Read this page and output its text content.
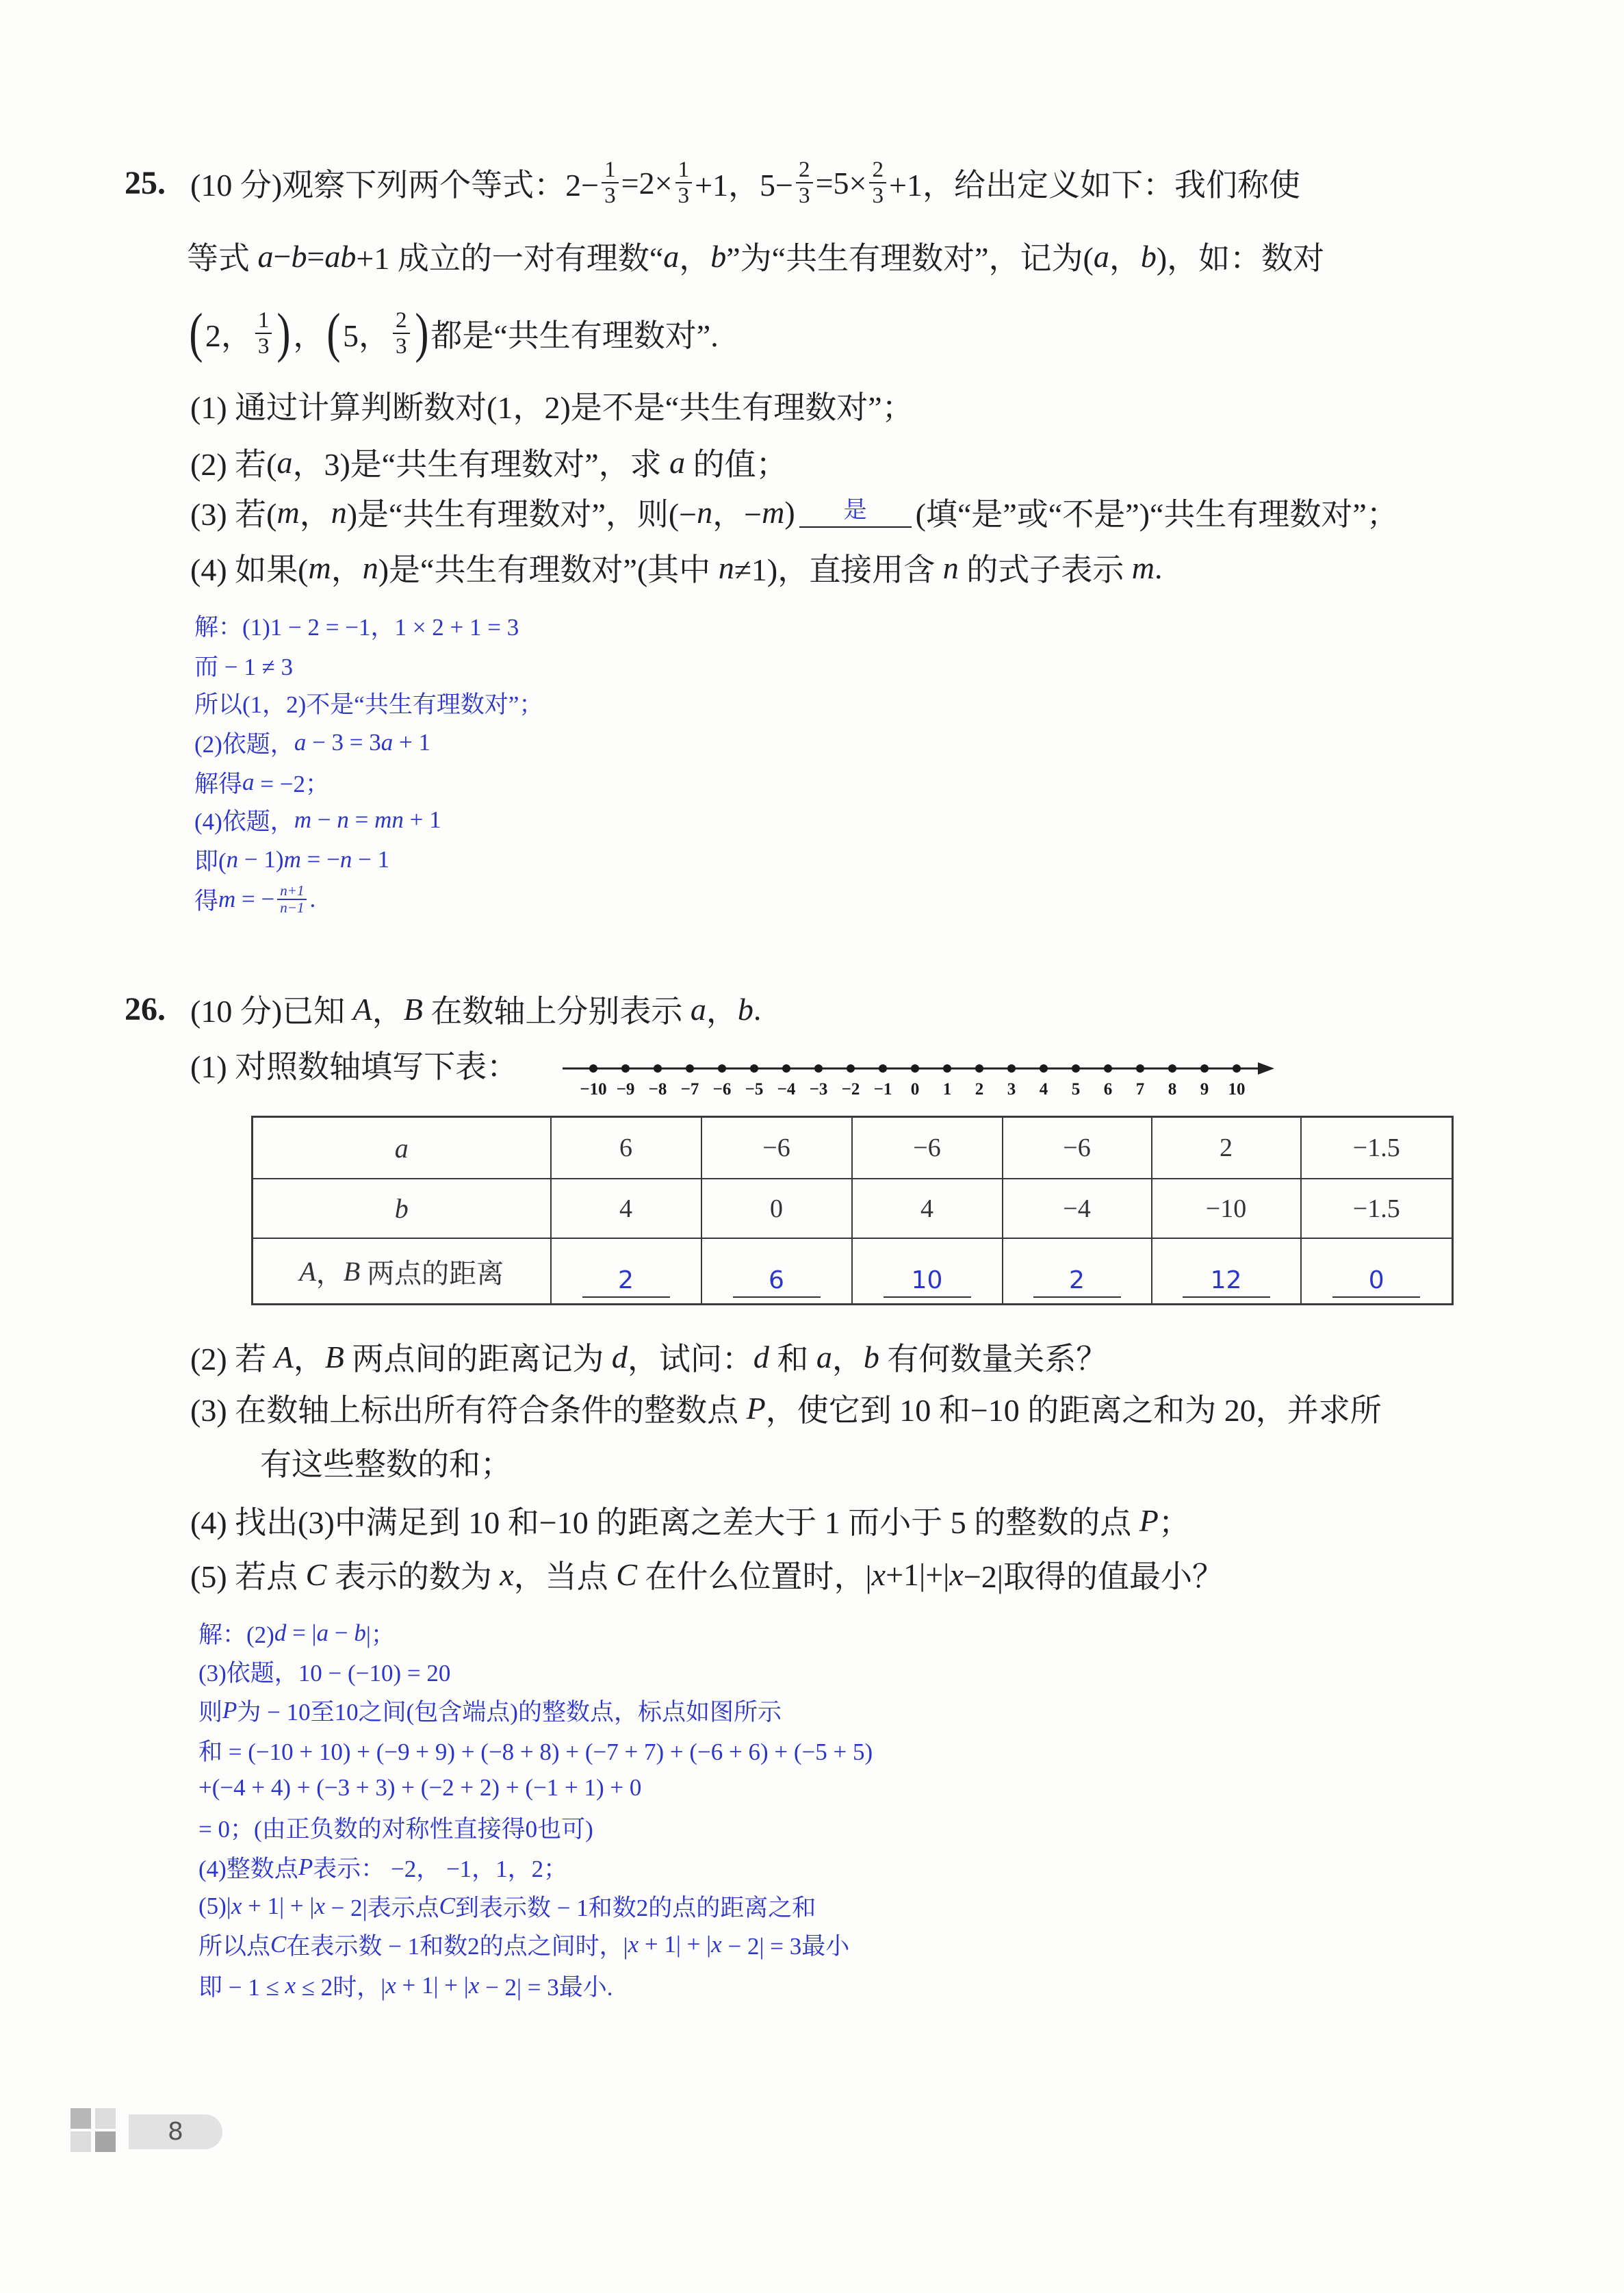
25. (10 分)观察下列两个等式：$2- \frac{1}{3} =2\times \frac{1}{3} +1$，$5- \frac{2}{3} =5\times \frac{2}{3} +1$，给出定义如下：我们称使
等式 a − b = ab +1 成立的一对有理数“ a ， b ”为“共生有理数对”，记为( a ， b )，如：数对
( 2， $\frac{1}{3}$ ) ， ( 5， $\frac{2}{3}$ ) 都是“共生有理数对”.
(1) 通过计算判断数对(1，2)是不是“共生有理数对”；
(2) 若( a ，3)是“共生有理数对”，求 a 的值；
(3) 若( m ， n )是“共生有理数对”，则(− n ，− m )	是	(填“是”或“不是”)“共生有理数对”；
(4) 如果( m ， n )是“共生有理数对”(其中 n ≠1)，直接用含 n 的式子表示 m .
解：(1)1 − 2 = −1，1 × 2 + 1 = 3
而 − 1 ≠ 3
所以(1，2)不是“共生有理数对”；
(2)依题， a − 3 = 3 a + 1
解得 a = −2；
(4)依题， m − n = mn + 1
即( n − 1) m = − n − 1
得 m = − $\frac{n+1}{n-1}$ .
26. (10 分)已知 A ， B 在数轴上分别表示 a ， b .
(1) 对照数轴填写下表：
−10 −9 −8 −7 −6 −5 −4 −3 −2 −1 0 1 2 3 4 5 6 7 8 9 10
a	6	−6	−6	−6	2	−1.5

b	4	0	4	−4	−10	−1.5

A ， B 两点的距离	2	6	10	2	12	0
(2) 若 A ， B 两点间的距离记为 d ，试问： d 和 a ， b 有何数量关系？
(3) 在数轴上标出所有符合条件的整数点 P ，使它到 10 和−10 的距离之和为 20，并求所
有这些整数的和；
(4) 找出(3)中满足到 10 和−10 的距离之差大于 1 而小于 5 的整数的点 P ；
(5) 若点 C 表示的数为 x ，当点 C 在什么位置时，| x +1|+| x −2|取得的值最小？
解：(2) d = | a − b |；
(3)依题，10 − (−10) = 20
则 P 为 − 10至10之间(包含端点)的整数点，标点如图所示
和 = (−10 + 10) + (−9 + 9) + (−8 + 8) + (−7 + 7) + (−6 + 6) + (−5 + 5)
+(−4 + 4) + (−3 + 3) + (−2 + 2) + (−1 + 1) + 0
= 0；(由正负数的对称性直接得0也可)
(4)整数点 P 表示： −2， −1，1，2；
(5)| x + 1| + | x − 2|表示点 C 到表示数 − 1和数2的点的距离之和
所以点 C 在表示数 − 1和数2的点之间时，| x + 1| + | x − 2| = 3最小
即 − 1 ≤ x ≤ 2时，| x + 1| + | x − 2| = 3最小.
8
